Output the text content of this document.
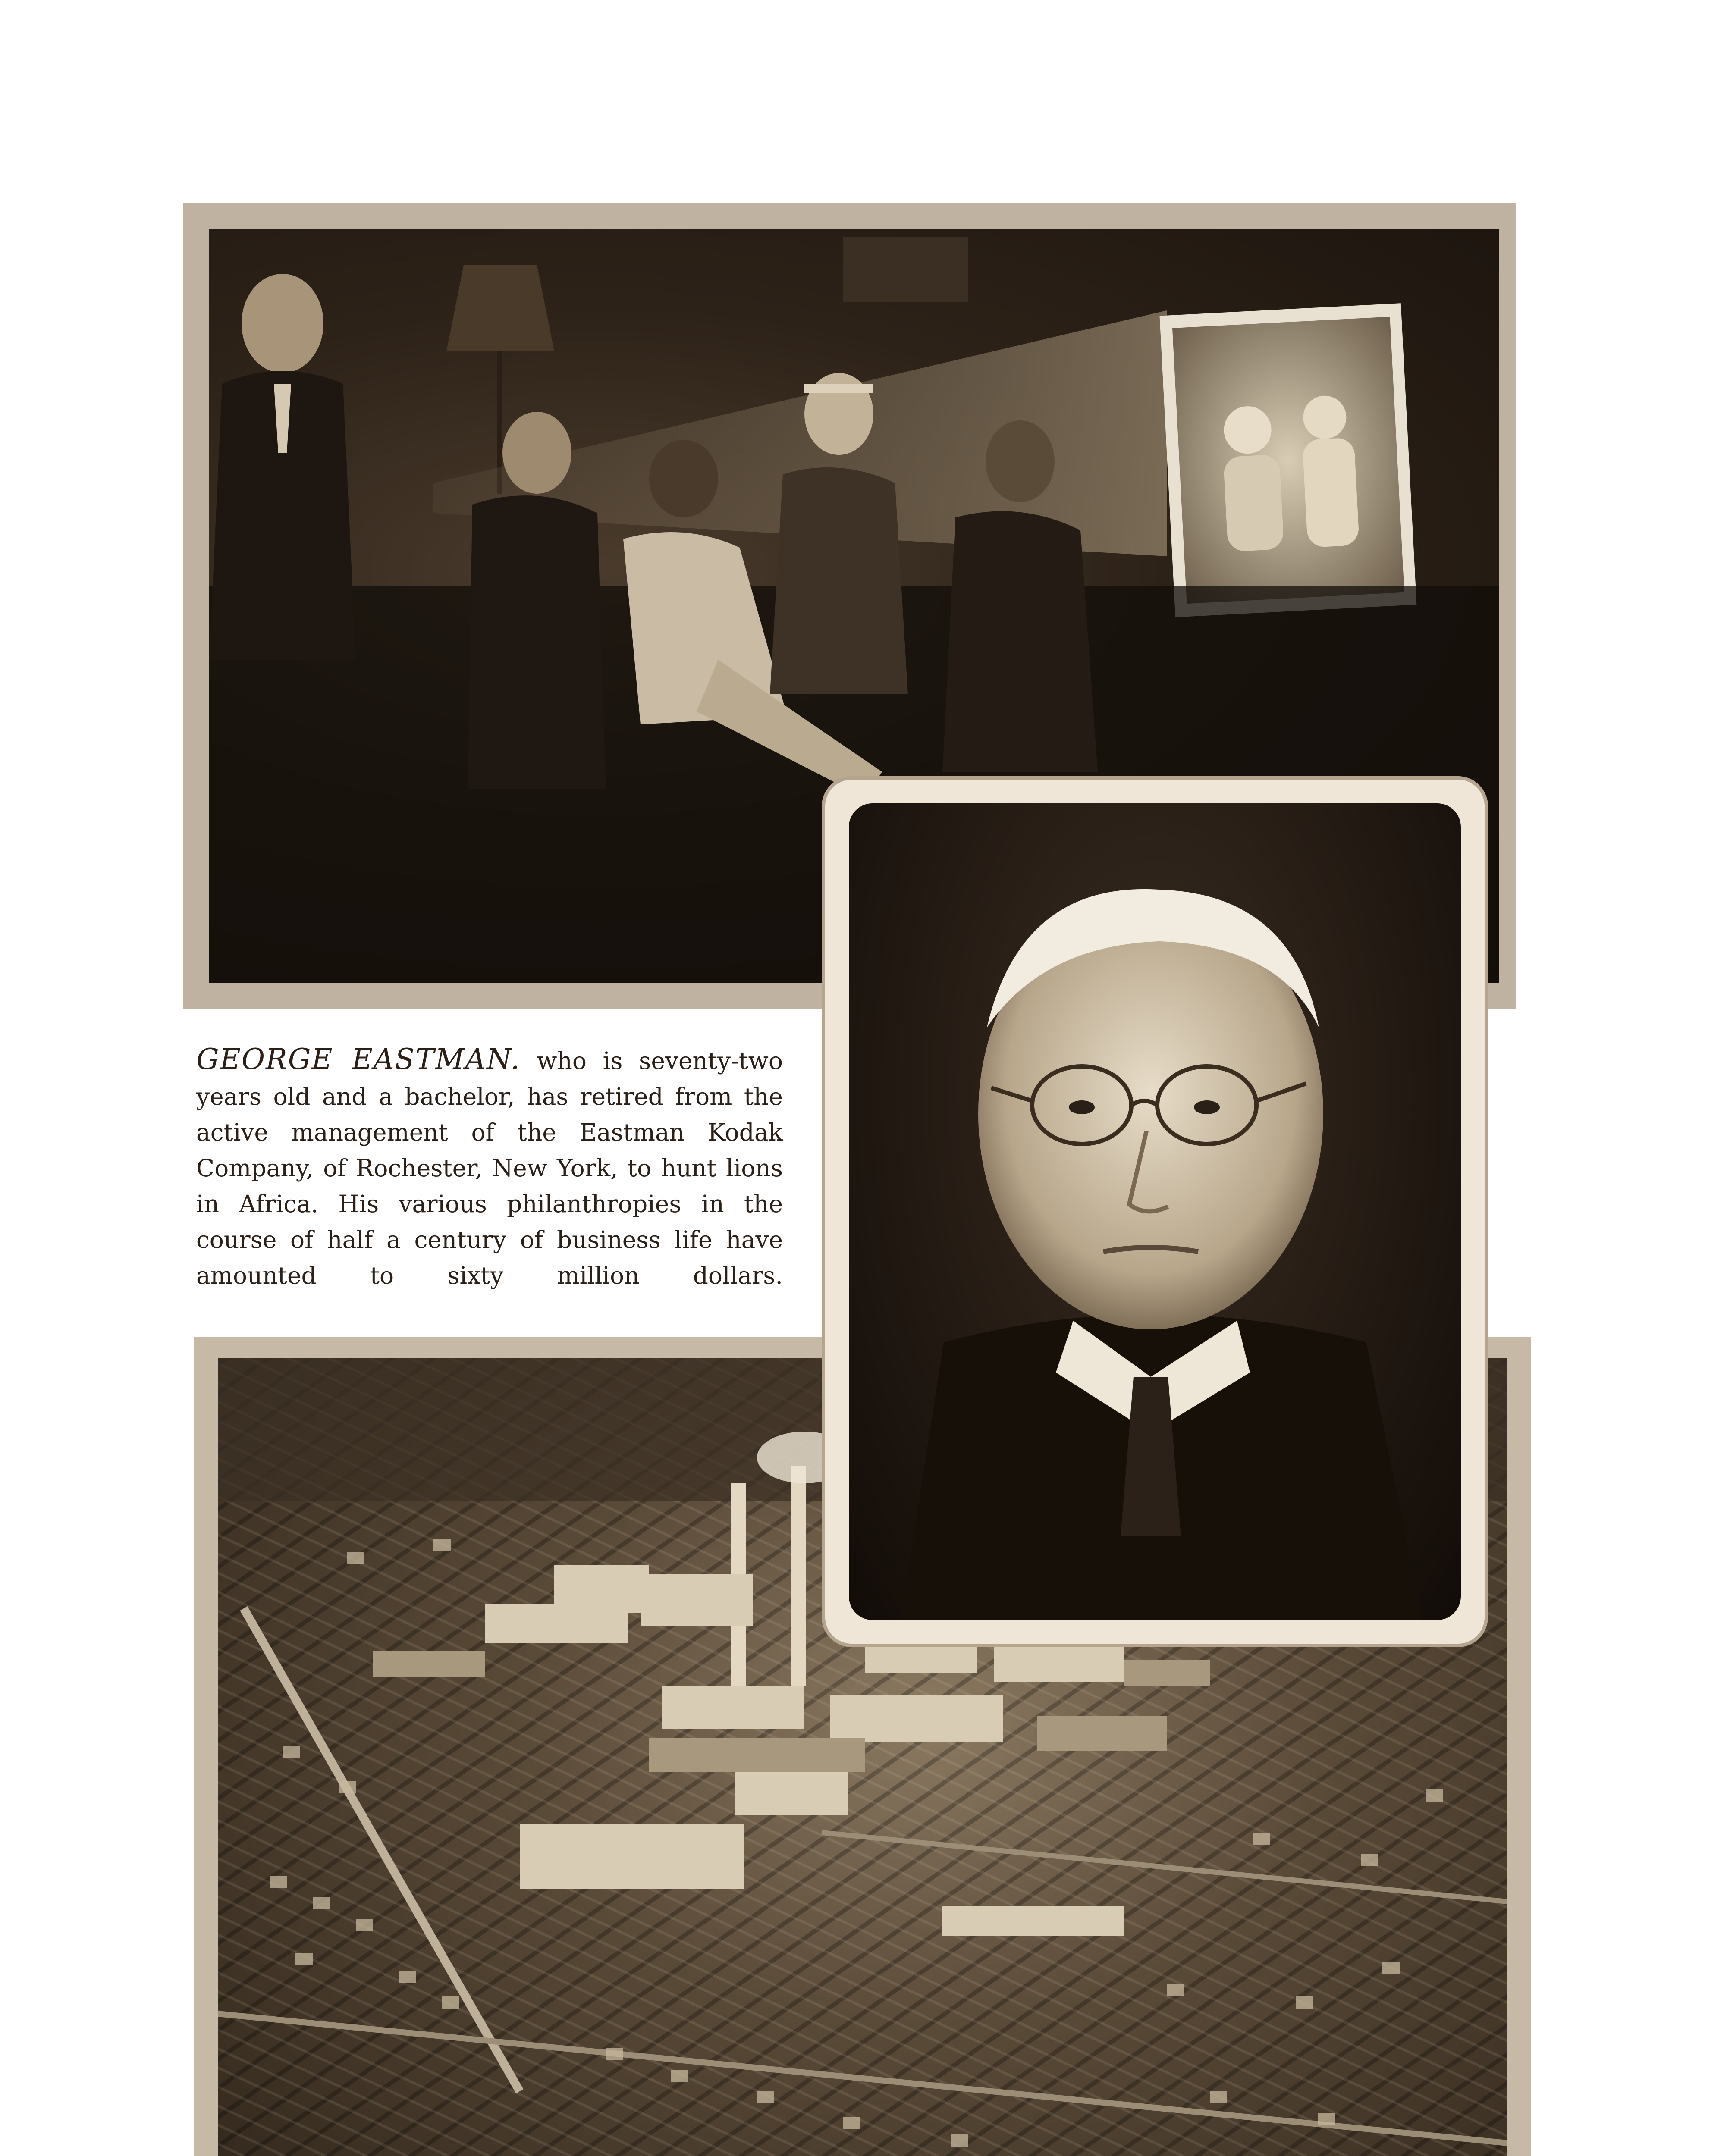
GEORGE EASTMAN. who is seventy-two years old and a bachelor, has retired from the active management of the Eastman Kodak Company, of Rochester, New York, to hunt lions in Africa. His various philanthropies in the course of half a century of business life have amounted to sixty million dollars.
